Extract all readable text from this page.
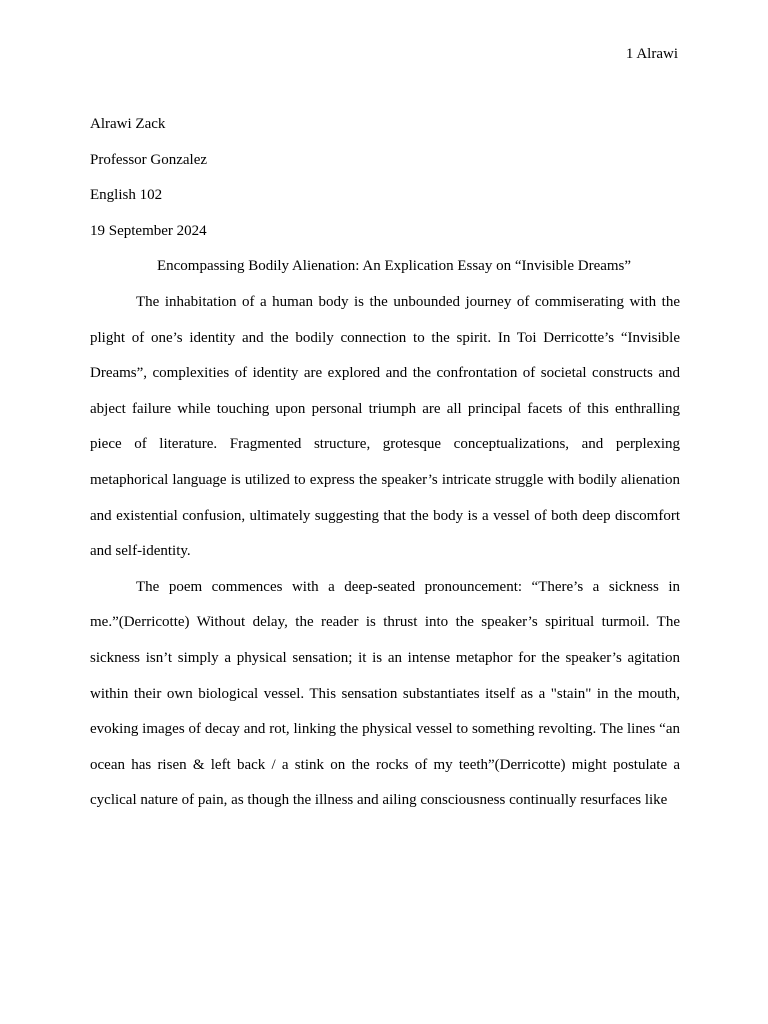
1 Alrawi

Alrawi Zack

Professor Gonzalez

English 102

19 September 2024

Encompassing Bodily Alienation: An Explication Essay on “Invisible Dreams”

The inhabitation of a human body is the unbounded journey of commiserating with the plight of one’s identity and the bodily connection to the spirit. In Toi Derricotte’s “Invisible Dreams”, complexities of identity are explored and the confrontation of societal constructs and abject failure while touching upon personal triumph are all principal facets of this enthralling piece of literature. Fragmented structure, grotesque conceptualizations, and perplexing metaphorical language is utilized to express the speaker’s intricate struggle with bodily alienation and existential confusion, ultimately suggesting that the body is a vessel of both deep discomfort and self-identity.

The poem commences with a deep-seated pronouncement: “There’s a sickness in me.”(Derricotte) Without delay, the reader is thrust into the speaker’s spiritual turmoil. The sickness isn’t simply a physical sensation; it is an intense metaphor for the speaker’s agitation within their own biological vessel. This sensation substantiates itself as a "stain" in the mouth, evoking images of decay and rot, linking the physical vessel to something revolting. The lines “an ocean has risen & left back / a stink on the rocks of my teeth”(Derricotte) might postulate a cyclical nature of pain, as though the illness and ailing consciousness continually resurfaces like
